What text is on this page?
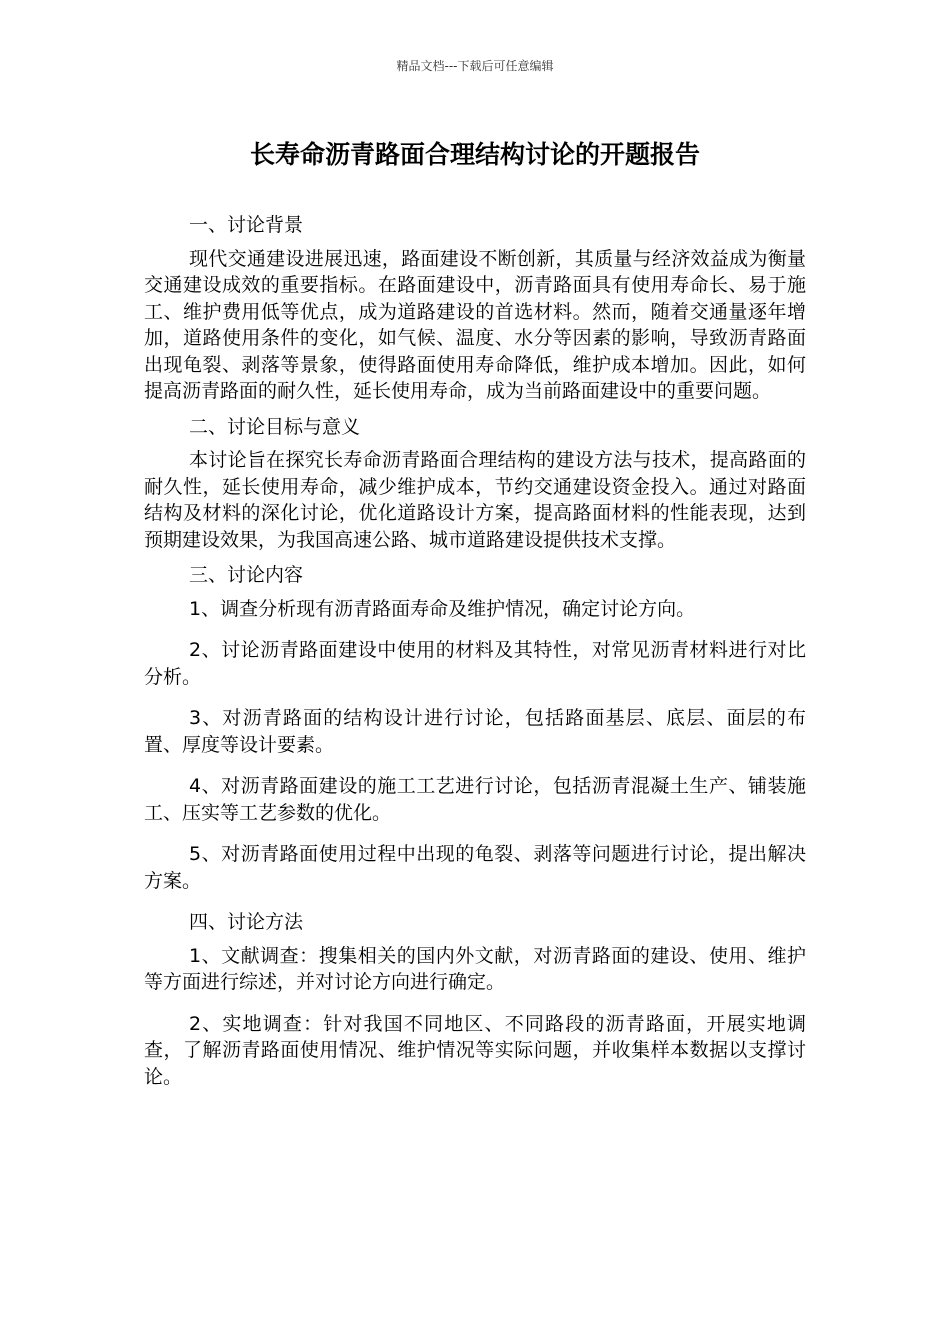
精品文档---下载后可任意编辑
长寿命沥青路面合理结构讨论的开题报告
一、讨论背景
现代交通建设进展迅速，路面建设不断创新，其质量与经济效益成为衡量交通建设成效的重要指标。在路面建设中，沥青路面具有使用寿命长、易于施工、维护费用低等优点，成为道路建设的首选材料。然而，随着交通量逐年增加，道路使用条件的变化，如气候、温度、水分等因素的影响，导致沥青路面出现龟裂、剥落等景象，使得路面使用寿命降低，维护成本增加。因此，如何提高沥青路面的耐久性，延长使用寿命，成为当前路面建设中的重要问题。
二、讨论目标与意义
本讨论旨在探究长寿命沥青路面合理结构的建设方法与技术，提高路面的耐久性，延长使用寿命，减少维护成本，节约交通建设资金投入。通过对路面结构及材料的深化讨论，优化道路设计方案，提高路面材料的性能表现，达到预期建设效果，为我国高速公路、城市道路建设提供技术支撑。
三、讨论内容
1、调查分析现有沥青路面寿命及维护情况，确定讨论方向。
2、讨论沥青路面建设中使用的材料及其特性，对常见沥青材料进行对比分析。
3、对沥青路面的结构设计进行讨论，包括路面基层、底层、面层的布置、厚度等设计要素。
4、对沥青路面建设的施工工艺进行讨论，包括沥青混凝土生产、铺装施工、压实等工艺参数的优化。
5、对沥青路面使用过程中出现的龟裂、剥落等问题进行讨论，提出解决方案。
四、讨论方法
1、文献调查：搜集相关的国内外文献，对沥青路面的建设、使用、维护等方面进行综述，并对讨论方向进行确定。
2、实地调查：针对我国不同地区、不同路段的沥青路面，开展实地调查，了解沥青路面使用情况、维护情况等实际问题，并收集样本数据以支撑讨论。
